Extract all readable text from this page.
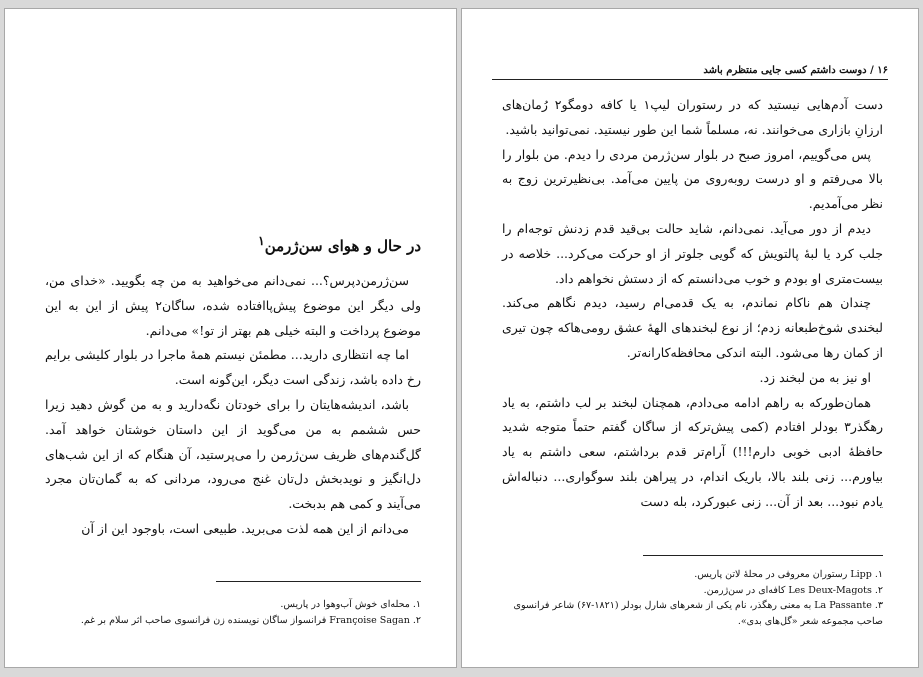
در حال و هوای سن‌ژرمن$^۱$

سن‌ژرمن‌دپرس؟... نمی‌دانم می‌خواهید به من چه بگویید. «خدای من، ولی دیگر این موضوع پیش‌پاافتاده شده، ساگان۲ پیش از این به این موضوع پرداخت و البته خیلی هم بهتر از تو!» می‌دانم.

اما چه انتظاری دارید... مطمئن نیستم همهٔ ماجرا در بلوار کلیشی برایم رخ داده باشد، زندگی است دیگر، این‌گونه است.

باشد، اندیشه‌هایتان را برای خودتان نگه‌دارید و به من گوش دهید زیرا حس ششمم به من می‌گوید از این داستان خوشتان خواهد آمد. گل‌گندم‌های ظریف سن‌ژرمن را می‌پرستید، آن هنگام که از این شب‌های دل‌انگیز و نویدبخش دل‌تان غنج می‌رود، مردانی که به گمان‌تان مجرد می‌آیند و کمی هم بدبخت.

می‌دانم از این همه لذت می‌برید. طبیعی است، باوجود این از آن

۱. محله‌ای خوش آب‌وهوا در پاریس.

۲. Françoise Sagan فرانسواز ساگان نویسنده زن فرانسوی صاحب اثر سلام بر غم.

۱۶ / دوست داشتم کسی جایی منتظرم باشد

دست آدم‌هایی نیستید که در رستوران لیپ۱ یا کافه دومگو۲ رُمان‌های ارزانِ بازاری می‌خوانند. نه، مسلماً شما این طور نیستید. نمی‌توانید باشید.

پس می‌گوییم، امروز صبح در بلوار سن‌ژرمن مردی را دیدم. من بلوار را بالا می‌رفتم و او درست روبه‌روی من پایین می‌آمد. بی‌نظیرترین زوج به نظر می‌آمدیم.

دیدم از دور می‌آید. نمی‌دانم، شاید حالت بی‌قید قدم زدنش توجه‌ام را جلب کرد یا لبهٔ پالتویش که گویی جلوتر از او حرکت می‌کرد... خلاصه در بیست‌متری او بودم و خوب می‌دانستم که از دستش نخواهم داد.

چندان هم ناکام نماندم، به یک قدمی‌ام رسید، دیدم نگاهم می‌کند. لبخندی شوخ‌طبعانه زدم؛ از نوع لبخندهای الههٔ عشق رومی‌هاکه چون تیری از کمان رها می‌شود. البته اندکی محافظه‌کارانه‌تر.

او نیز به من لبخند زد.

همان‌طورکه به راهم ادامه می‌دادم، همچنان لبخند بر لب داشتم، به یاد رهگذر۳ بودلر افتادم (کمی پیش‌ترکه از ساگان گفتم حتماً متوجه شدید حافظهٔ ادبی خوبی دارم!!!) آرام‌تر قدم برداشتم، سعی داشتم به یاد بیاورم... زنی بلند بالا، باریک اندام، در پیراهن بلند سوگواری... دنباله‌اش یادم نبود... بعد از آن... زنی عبورکرد، بله دست

۱. Lipp رستوران معروفی در محلهٔ لاتن پاریس.

۲. Les Deux-Magots کافه‌ای در سن‌ژرمن.

۳. La Passante به معنی رهگذر، نام یکی از شعرهای شارل بودلر (۱۸۲۱-۶۷) شاعر فرانسوی صاحب مجموعه شعر «گل‌های بدی».
